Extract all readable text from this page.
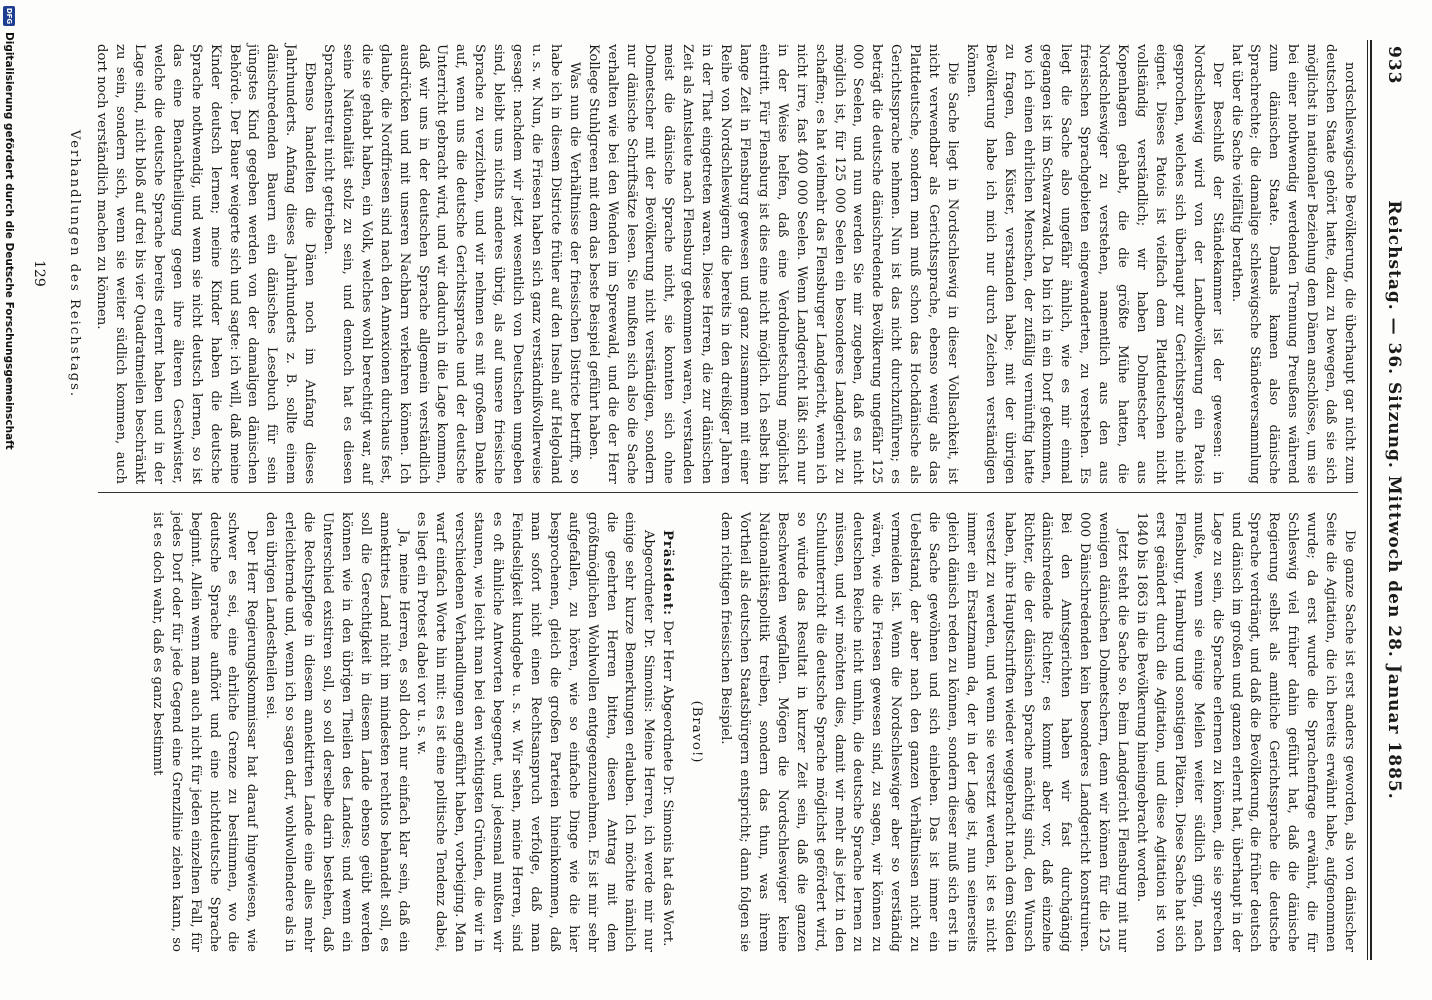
933
Reichstag. — 36. Sitzung. Mittwoch den 28. Januar 1885.

nordschleswigsche Bevölkerung, die überhaupt gar nicht zum deutschen Staate gehört hatte, dazu zu bewegen, daß sie sich möglichst in nationaler Beziehung dem Dänen anschlösse, um sie bei einer nothwendig werdenden Trennung Preußens während zum dänischen Staate. Damals kamen also dänische Sprachrechte; die damalige schleswigsche Ständeversammlung hat über die Sache vielfältig berathen.

Der Beschluß der Ständekammer ist der gewesen: in Nordschleswig wird von der Landbevölkerung ein Patois gesprochen, welches sich überhaupt zur Gerichtssprache nicht eignet. Dieses Patois ist vielfach dem Plattdeutschen nicht vollständig verständlich; wir haben Dolmetscher aus Kopenhagen gehabt, die die größte Mühe hatten, die Nordschleswiger zu verstehen, namentlich aus den aus friesischen Sprachgebieten eingewanderten, zu verstehen. Es liegt die Sache also ungefähr ähnlich, wie es mir einmal gegangen ist im Schwarzwald. Da bin ich in ein Dorf gekommen, wo ich einen ehrlichen Menschen, der zufällig vernünftig hatte zu fragen, den Küster, verstanden habe; mit der übrigen Bevölkerung habe ich mich nur durch Zeichen verständigen können.

Die Sache liegt in Nordschleswig in dieser Vollsachkeit, ist nicht verwendbar als Gerichtssprache, ebenso wenig als das Plattdeutsche, sondern man muß schon das Hochdänische als Gerichtssprache nehmen. Nun ist das nicht durchzuführen; es beträgt die deutsche dänischredende Bevölkerung ungefähr 125 000 Seelen, und nun werden Sie mir zugeben, daß es nicht möglich ist, für 125 000 Seelen ein besonderes Landgericht zu schaffen; es hat vielmehr das Flensburger Landgericht, wenn ich nicht irre, fast 400 000 Seelen. Wenn Landgericht läßt sich nur in der Weise helfen, daß eine Verdolmetschung möglichst eintritt. Für Flensburg ist dies eine nicht möglich. Ich selbst bin lange Zeit in Flensburg gewesen und ganz zusammen mit einer Reihe von Nordschleswigern die bereits in den dreißiger Jahren in der That eingetreten waren. Diese Herren, die zur dänischen Zeit als Amtsleute nach Flensburg gekommen waren, verstanden meist die dänische Sprache nicht, sie konnten sich ohne Dolmetscher mit der Bevölkerung nicht verständigen, sondern nur dänische Schriftsätze lesen. Sie mußten sich also die Sache verhalten wie bei den Wenden im Spreewald, und die der Herr Kollege Stuhlgreen mit dem das beste Beispiel geführt haben.

Was nun die Verhältnisse der friesischen Districte betrifft, so habe ich in diesem Districte früher auf den Inseln auf Helgoland u. s. w. Nun, die Friesen haben sich ganz verständnißvollerweise gesagt: nachdem wir jetzt wesentlich von Deutschen umgeben sind, bleibt uns nichts anderes übrig, als auf unsere friesische Sprache zu verzichten, und wir nehmen es mit großem Danke auf, wenn uns die deutsche Gerichtssprache und der deutsche Unterricht gebracht wird, und wir dadurch in die Lage kommen, daß wir uns in der deutschen Sprache allgemein verständlich ausdrücken und mit unseren Nachbarn verkehren können. Ich glaube, die Nordfriesen sind nach den Annexionen durchaus fest, die sie gehabt haben, ein Volk, welches wohl berechtigt war, auf seine Nationalität stolz zu sein, und dennoch hat es diesen Sprachenstreit nicht getrieben.

Ebenso handelten die Dänen noch im Anfang dieses Jahrhunderts. Anfang dieses Jahrhunderts z. B. sollte einem dänischredenden Bauern ein dänisches Lesebuch für sein jüngstes Kind gegeben werden von der damaligen dänischen Behörde. Der Bauer weigerte sich und sagte: ich will, daß meine Kinder deutsch lernen; meine Kinder haben die deutsche Sprache nothwendig, und wenn sie nicht deutsch lernen, so ist das eine Benachtheiligung gegen ihre älteren Geschwister, welche die deutsche Sprache bereits erlernt haben und in der Lage sind, nicht bloß auf drei bis vier Quadratmeilen beschränkt zu sein, sondern sich, wenn sie weiter südlich kommen, auch dort noch verständlich machen zu können.

Verhandlungen des Reichstags.

Die ganze Sache ist erst anders geworden, als von dänischer Seite die Agitation, die ich bereits erwähnt habe, aufgenommen wurde; da erst wurde die Sprachenfrage erwähnt, die für Schleswig viel früher dahin geführt hat, daß die dänische Regierung selbst als amtliche Gerichtssprache die deutsche Sprache verdrängt, und daß die Bevölkerung, die früher deutsch und dänisch im großen und ganzen erlernt hat, überhaupt in der Lage zu sein, die Sprache erlernen zu können, die sie sprechen mußte, wenn sie einige Meilen weiter südlich ging, nach Flensburg, Hamburg und sonstigen Plätzen. Diese Sache hat sich erst geändert durch die Agitation, und diese Agitation ist von 1840 bis 1863 in die Bevölkerung hineingebracht worden.

Jetzt steht die Sache so. Beim Landgericht Flensburg mit nur wenigen dänischen Dolmetschern, denn wir können für die 125 000 Dänischredenden kein besonderes Landgericht konstruiren. Bei den Amtsgerichten haben wir fast durchgängig dänischredende Richter; es kommt aber vor, daß einzelne Richter, die der dänischen Sprache mächtig sind, den Wunsch haben, ihre Hauptschriften wieder weggebracht nach dem Süden versetzt zu werden, und wenn sie versetzt werden, ist es nicht immer ein Ersatzmann da, der in der Lage ist, nun seinerseits gleich dänisch reden zu können, sondern dieser muß sich erst in die Sache gewöhnen und sich einleben. Das ist immer ein Uebelstand, der aber nach den ganzen Verhältnissen nicht zu vermeiden ist. Wenn die Nordschleswiger aber so verständig wären, wie die Friesen gewesen sind, zu sagen, wir können zu deutschen Reiche nicht umhin, die deutsche Sprache lernen zu müssen, und wir möchten dies, damit wir mehr als jetzt in den Schulunterricht die deutsche Sprache möglichst gefördert wird, so würde das Resultat in kurzer Zeit sein, daß die ganzen Beschwerden wegfallen. Mögen die Nordschleswiger keine Nationalitätspolitik treiben, sondern das thun, was ihrem Vortheil als deutschen Staatsbürgern entspricht; dann folgen sie dem richtigen friesischen Beispiel.

(Bravo!)

Präsident: Der Herr Abgeordnete Dr. Simonis hat das Wort.

Abgeordneter Dr. Simonis: Meine Herren, ich werde mir nur einige sehr kurze Bemerkungen erlauben. Ich möchte nämlich die geehrten Herren bitten, diesen Antrag mit dem größtmöglichen Wohlwollen entgegenzunehmen. Es ist mir sehr aufgefallen, zu hören, wie so einfache Dinge wie die hier besprochenen, gleich die großen Parteien hineinkommen, daß man sofort nicht einen Rechtsanspruch verfolge, daß man Feindseligkeit kundgebe u. s. w. Wir sehen, meine Herren, sind es oft ähnliche Antworten begegnet, und jedesmal mußten wir staunen, wie leicht man bei den wichtigsten Gründen, die wir in verschiedenen Verhandlungen angeführt haben, vorbeiging. Man warf einfach Worte hin mit: es ist eine politische Tendenz dabei, es liegt ein Protest dabei vor u. s. w.

Ja, meine Herren, es soll doch nur einfach klar sein, daß ein annektirtes Land nicht im mindesten rechtlos behandelt soll, es soll die Gerechtigkeit in diesem Lande ebenso geübt werden können wie in den übrigen Theilen des Landes; und wenn ein Unterschied existiren soll, so soll derselbe darin bestehen, daß die Rechtspflege in diesem annektirten Lande eine alles mehr erleichternde und, wenn ich so sagen darf, wohlwollendere als in den übrigen Landestheilen sei.

Der Herr Regierungskommissar hat darauf hingewiesen, wie schwer es sei, eine ehrliche Grenze zu bestimmen, wo die deutsche Sprache aufhört und eine nichtdeutsche Sprache beginnt. Allein wenn man auch nicht für jeden einzelnen Fall, für jedes Dorf oder für jede Gegend eine Grenzlinie ziehen kann, so ist es doch wahr, daß es ganz bestimmt

129
DFGDigitalisierung gefördert durch die Deutsche Forschungsgemeinschaft
